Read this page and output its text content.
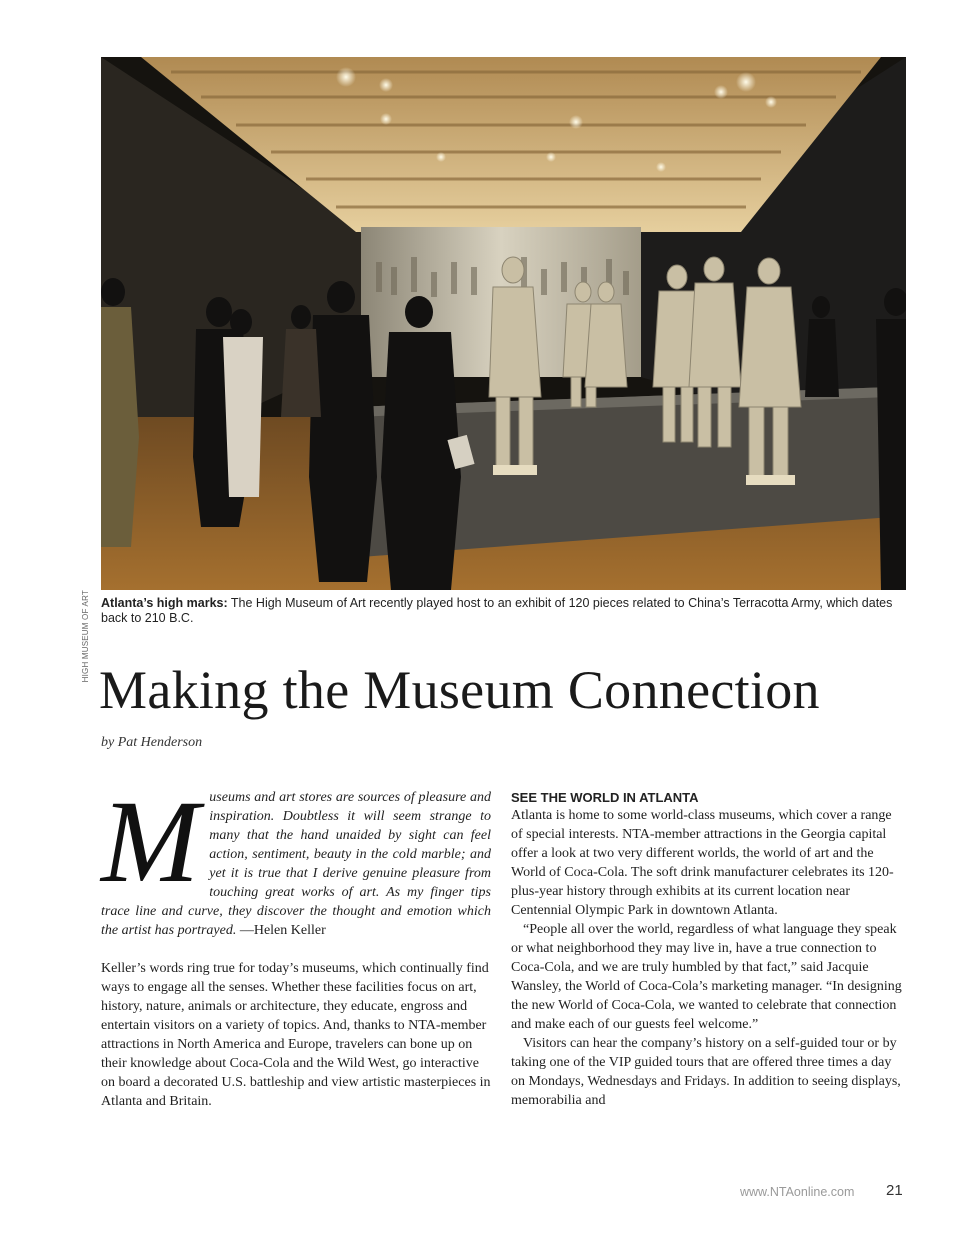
HIGH MUSEUM OF ART Atlanta’s high marks: The High Museum of Art recently played host to an exhibit of 120 pieces related to China’s Terracotta Army, which dates back to 210 B.C.
Making the Museum Connection
by Pat Henderson
Museums and art stores are sources of pleasure and inspiration. Doubtless it will seem strange to many that the hand unaided by sight can feel action, sentiment, beauty in the cold marble; and yet it is true that I derive genuine pleasure from touching great works of art. As my finger tips trace line and curve, they discover the thought and emotion which the artist has portrayed. —Helen Keller

Keller’s words ring true for today’s museums, which continually find ways to engage all the senses. Whether these facilities focus on art, history, nature, animals or architecture, they educate, engross and entertain visitors on a variety of topics. And, thanks to NTA-member attractions in North America and Europe, travelers can bone up on their knowledge about Coca-Cola and the Wild West, go interactive on board a decorated U.S. battleship and view artistic masterpieces in Atlanta and Britain.

SEE THE WORLD IN ATLANTA

Atlanta is home to some world-class museums, which cover a range of special interests. NTA-member attractions in the Georgia capital offer a look at two very different worlds, the world of art and the World of Coca-Cola. The soft drink manufacturer celebrates its 120-plus-year history through exhibits at its current location near Centennial Olympic Park in downtown Atlanta.

“People all over the world, regardless of what language they speak or what neighborhood they may live in, have a true connection to Coca-Cola, and we are truly humbled by that fact,” said Jacquie Wansley, the World of Coca-Cola’s marketing manager. “In designing the new World of Coca-Cola, we wanted to celebrate that connection and make each of our guests feel welcome.”

Visitors can hear the company’s history on a self-guided tour or by taking one of the VIP guided tours that are offered three times a day on Mondays, Wednesdays and Fridays. In addition to seeing displays, memorabilia and

www.NTAonline.com 21
